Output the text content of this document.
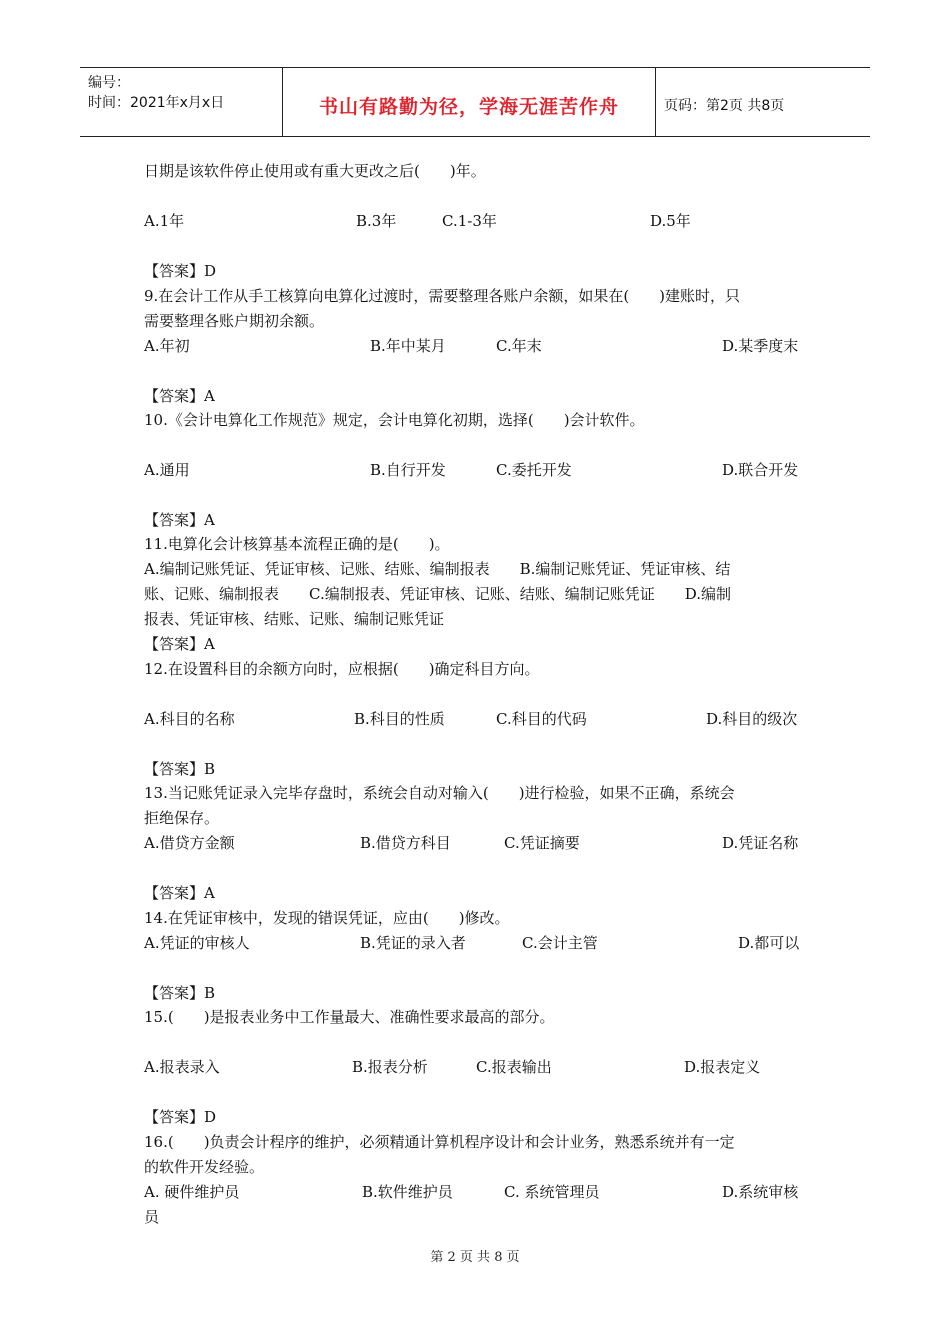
编号：
时间：2021年x月x日	书山有路勤为径，学海无涯苦作舟	页码：第2页 共8页
日期是该软件停止使用或有重大更改之后(　　)年。
A.1年	B.3年	C.1-3年	D.5年
【答案】D
9.在会计工作从手工核算向电算化过渡时，需要整理各账户余额，如果在(　　)建账时，只
需要整理各账户期初余额。
A.年初	B.年中某月	C.年末	D.某季度末
【答案】A
10.《会计电算化工作规范》规定，会计电算化初期，选择(　　)会计软件。
A.通用	B.自行开发	C.委托开发	D.联合开发
【答案】A
11.电算化会计核算基本流程正确的是(　　)。
A.编制记账凭证、凭证审核、记账、结账、编制报表　　B.编制记账凭证、凭证审核、结
账、记账、编制报表　　C.编制报表、凭证审核、记账、结账、编制记账凭证　　D.编制
报表、凭证审核、结账、记账、编制记账凭证
【答案】A
12.在设置科目的余额方向时，应根据(　　)确定科目方向。
A.科目的名称	B.科目的性质	C.科目的代码	D.科目的级次
【答案】B
13.当记账凭证录入完毕存盘时，系统会自动对输入(　　)进行检验，如果不正确，系统会
拒绝保存。
A.借贷方金额	B.借贷方科目	C.凭证摘要	D.凭证名称
【答案】A
14.在凭证审核中，发现的错误凭证，应由(　　)修改。
A.凭证的审核人	B.凭证的录入者	C.会计主管	D.都可以
【答案】B
15.(　　)是报表业务中工作量最大、准确性要求最高的部分。
A.报表录入	B.报表分析	C.报表输出	D.报表定义
【答案】D
16.(　　)负责会计程序的维护，必须精通计算机程序设计和会计业务，熟悉系统并有一定
的软件开发经验。
A. 硬件维护员	B.软件维护员	C. 系统管理员	D.系统审核
员
第 2 页 共 8 页
